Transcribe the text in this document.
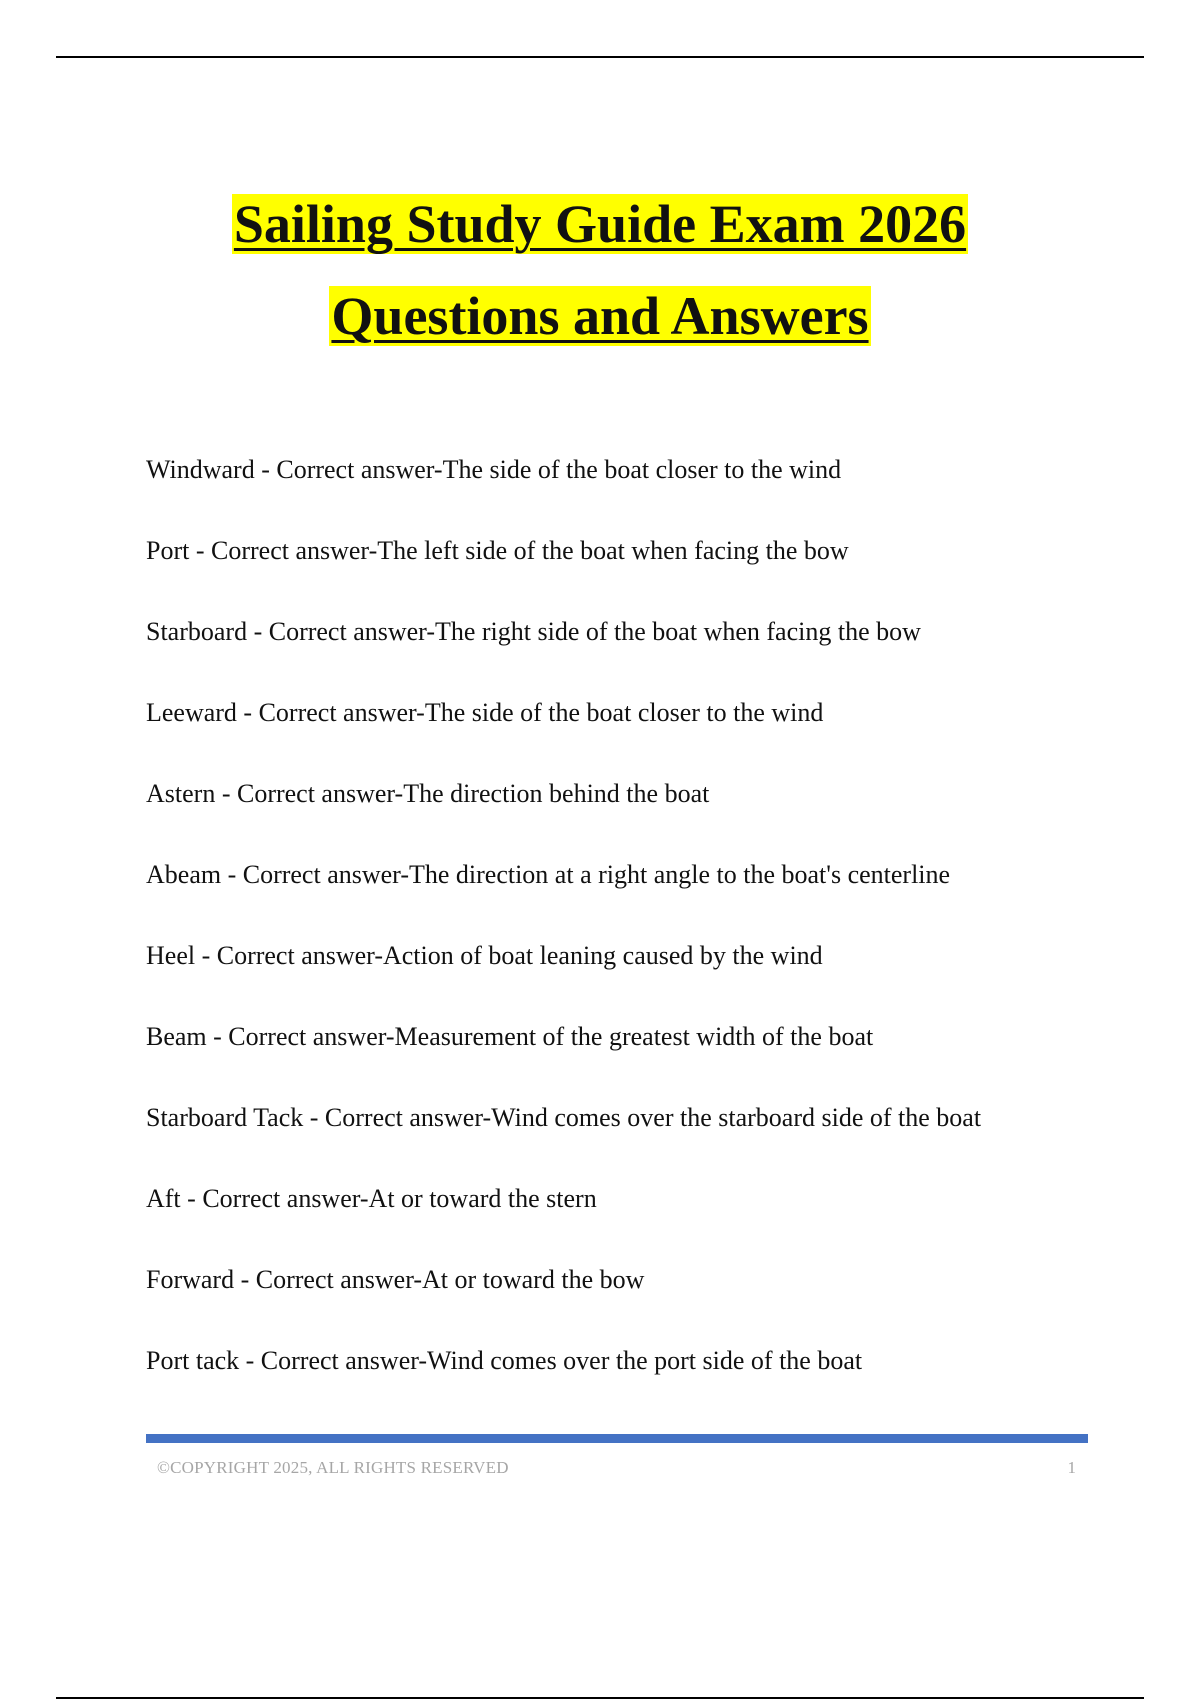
Sailing Study Guide Exam 2026
Questions and Answers
Windward - Correct answer-The side of the boat closer to the wind
Port - Correct answer-The left side of the boat when facing the bow
Starboard - Correct answer-The right side of the boat when facing the bow
Leeward - Correct answer-The side of the boat closer to the wind
Astern - Correct answer-The direction behind the boat
Abeam - Correct answer-The direction at a right angle to the boat's centerline
Heel - Correct answer-Action of boat leaning caused by the wind
Beam - Correct answer-Measurement of the greatest width of the boat
Starboard Tack - Correct answer-Wind comes over the starboard side of the boat
Aft - Correct answer-At or toward the stern
Forward - Correct answer-At or toward the bow
Port tack - Correct answer-Wind comes over the port side of the boat
©COPYRIGHT 2025, ALL RIGHTS RESERVED	1
